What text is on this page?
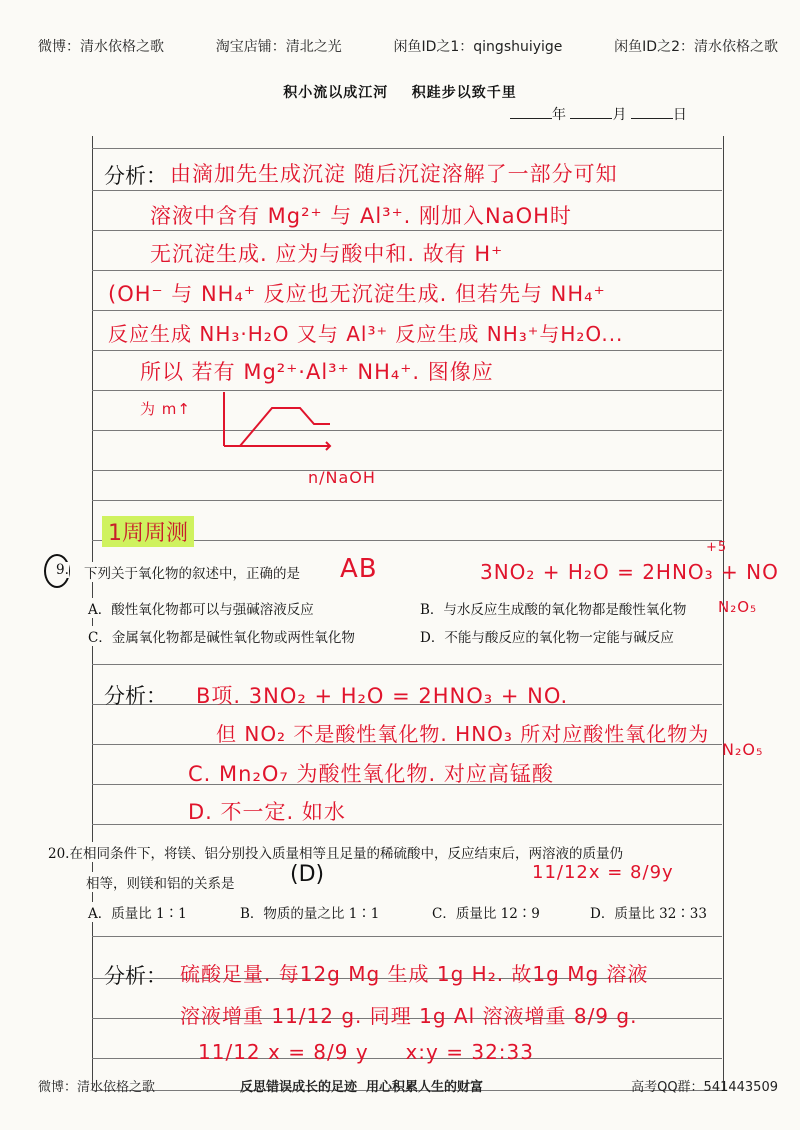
微博：清水依格之歌	淘宝店铺：清北之光	闲鱼ID之1：qingshuiyige	闲鱼ID之2：清水依格之歌
积小流以成江河    积跬步以致千里
年	月	日
分析： 由滴加先生成沉淀 随后沉淀溶解了一部分可知
溶液中含有 Mg²⁺ 与 Al³⁺. 刚加入NaOH时
无沉淀生成. 应为与酸中和. 故有 H⁺
(OH⁻ 与 NH₄⁺ 反应也无沉淀生成. 但若先与 NH₄⁺
反应生成 NH₃·H₂O 又与 Al³⁺ 反应生成 NH₃⁺与H₂O...
所以 若有 Mg²⁺·Al³⁺ NH₄⁺. 图像应
为 m↑
n/NaOH
1周周测
9. 下列关于氧化物的叙述中，正确的是 AB	3NO₂ + H₂O = 2HNO₃ + NO
+5
N₂O₅
A．酸性氧化物都可以与强碱溶液反应	B．与水反应生成酸的氧化物都是酸性氧化物
C．金属氧化物都是碱性氧化物或两性氧化物	D．不能与酸反应的氧化物一定能与碱反应
分析： B项. 3NO₂ + H₂O = 2HNO₃ + NO.
但 NO₂ 不是酸性氧化物. HNO₃ 所对应酸性氧化物为
N₂O₅
C. Mn₂O₇ 为酸性氧化物. 对应高锰酸
D. 不一定. 如水
20.在相同条件下，将镁、铝分别投入质量相等且足量的稀硫酸中，反应结束后，两溶液的质量仍
相等，则镁和铝的关系是	(D)	11/12x = 8/9y
A．质量比 1∶1	B．物质的量之比 1∶1	C．质量比 12∶9	D．质量比 32∶33
分析： 硫酸足量. 每12g Mg 生成 1g H₂. 故1g Mg 溶液
溶液增重 11/12 g. 同理 1g Al 溶液增重 8/9 g.
11/12 x = 8/9 y     x:y = 32:33
微博：清水依格之歌	反思错误成长的足迹  用心积累人生的财富	高考QQ群：541443509
